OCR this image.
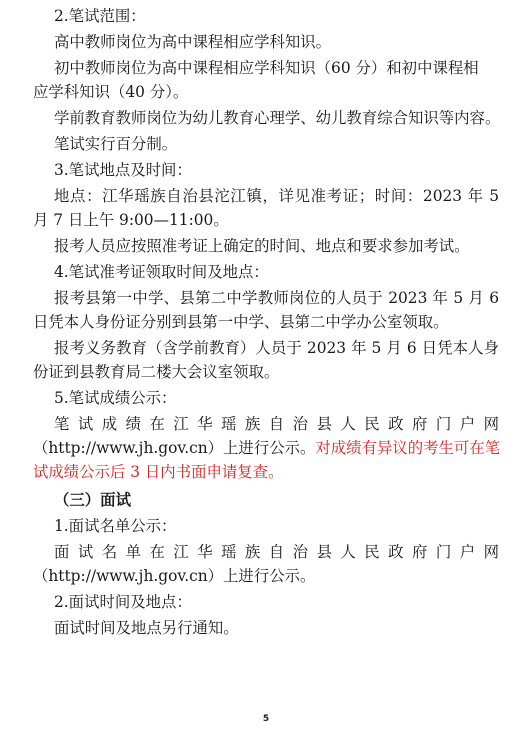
2.笔试范围：
高中教师岗位为高中课程相应学科知识。
初中教师岗位为高中课程相应学科知识（60 分）和初中课程相
应学科知识（40 分）。
学前教育教师岗位为幼儿教育心理学、幼儿教育综合知识等内容。
笔试实行百分制。
3.笔试地点及时间：
地点：江华瑶族自治县沱江镇，详见准考证；时间：2023 年 5
月 7 日上午 9:00—11:00。
报考人员应按照准考证上确定的时间、地点和要求参加考试。
4.笔试准考证领取时间及地点：
报考县第一中学、县第二中学教师岗位的人员于 2023 年 5 月 6
日凭本人身份证分别到县第一中学、县第二中学办公室领取。
报考义务教育（含学前教育）人员于 2023 年 5 月 6 日凭本人身
份证到县教育局二楼大会议室领取。
5.笔试成绩公示：
笔试成绩在江华瑶族自治县人民政府门户网
（http://www.jh.gov.cn）上进行公示。对成绩有异议的考生可在笔
试成绩公示后 3 日内书面申请复查。
（三）面试
1.面试名单公示：
面试名单在江华瑶族自治县人民政府门户网
（http://www.jh.gov.cn）上进行公示。
2.面试时间及地点：
面试时间及地点另行通知。
5
